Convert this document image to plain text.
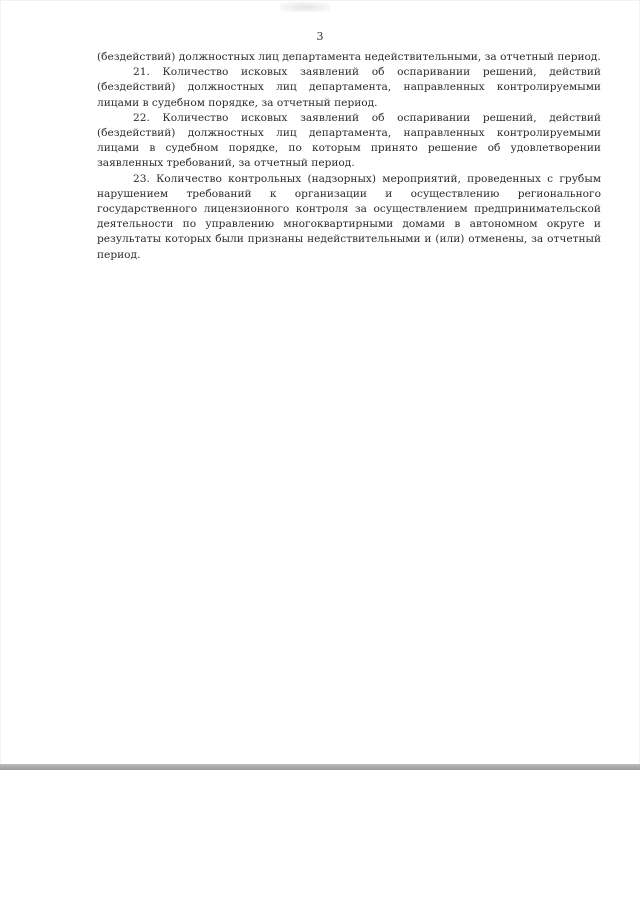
3

(бездействий) должностных лиц департамента недействительными, за отчетный период.

21. Количество исковых заявлений об оспаривании решений, действий (бездействий) должностных лиц департамента, направленных контролируемыми лицами в судебном порядке, за отчетный период.

22. Количество исковых заявлений об оспаривании решений, действий (бездействий) должностных лиц департамента, направленных контролируемыми лицами в судебном порядке, по которым принято решение об удовлетворении заявленных требований, за отчетный период.

23. Количество контрольных (надзорных) мероприятий, проведенных с грубым нарушением требований к организации и осуществлению регионального государственного лицензионного контроля за осуществлением предпринимательской деятельности по управлению многоквартирными домами в автономном округе и результаты которых были признаны недействительными и (или) отменены, за отчетный период.
